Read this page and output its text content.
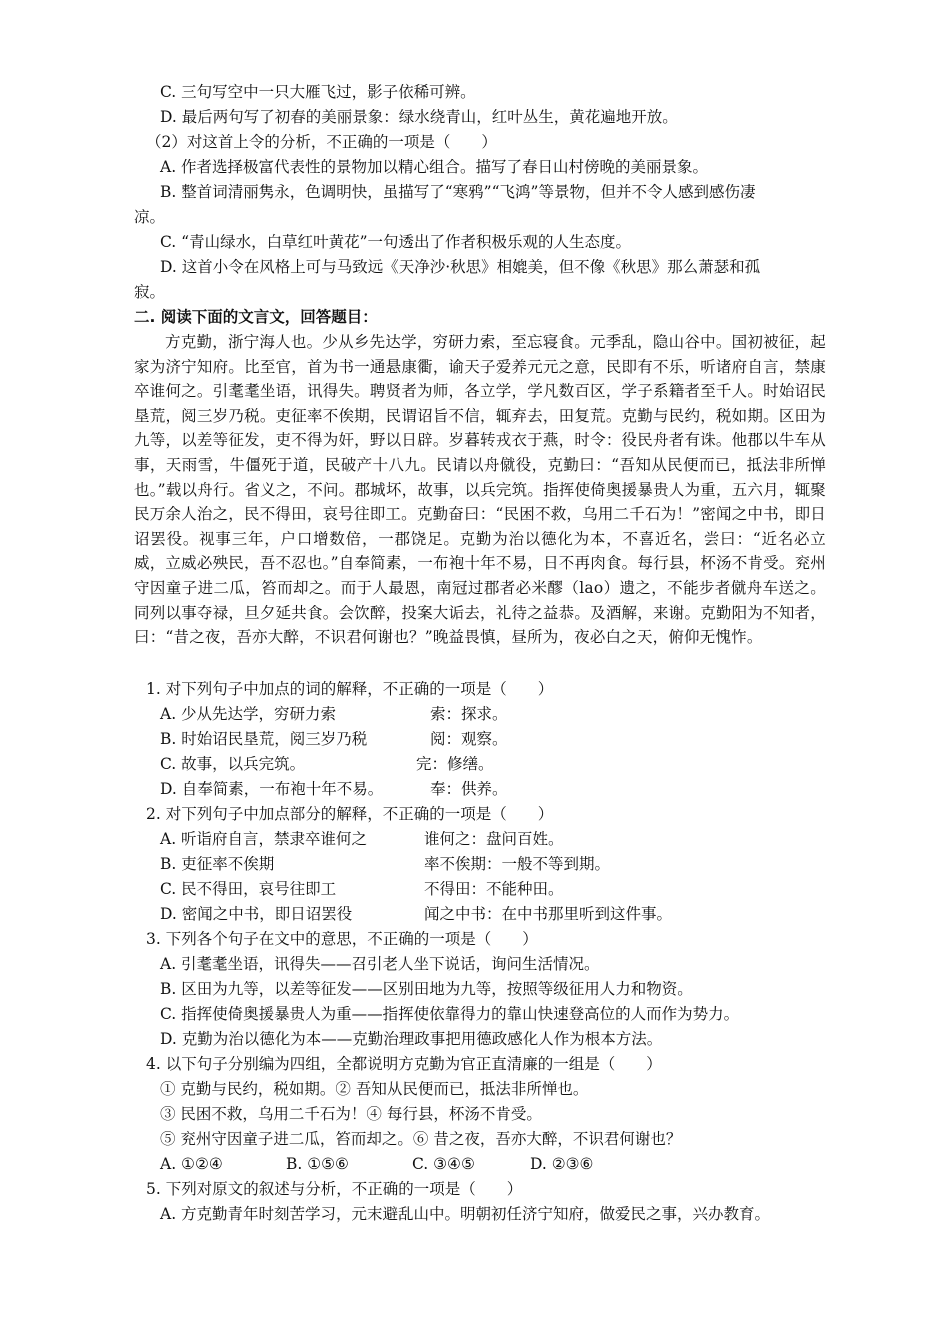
C. 三句写空中一只大雁飞过，影子依稀可辨。
D. 最后两句写了初春的美丽景象：绿水绕青山，红叶丛生，黄花遍地开放。
（2）对这首上令的分析，不正确的一项是（　　）
A. 作者选择极富代表性的景物加以精心组合。描写了春日山村傍晚的美丽景象。
B. 整首词清丽隽永，色调明快，虽描写了“寒鸦”“飞鸿”等景物，但并不令人感到感伤凄
凉。
C. “青山绿水，白草红叶黄花”一句透出了作者积极乐观的人生态度。
D. 这首小令在风格上可与马致远《天净沙·秋思》相媲美，但不像《秋思》那么萧瑟和孤
寂。
二. 阅读下面的文言文，回答题目：
方克勤，浙宁海人也。少从乡先达学，穷研力索，至忘寝食。元季乱，隐山谷中。国初被征，起家为济宁知府。比至官，首为书一通悬康衢，谕天子爱养元元之意，民即有不乐，听诸府自言，禁康卒谁何之。引耄耄坐语，讯得失。聘贤者为师，各立学，学凡数百区，学子系籍者至千人。时始诏民垦荒，阅三岁乃税。吏征率不俟期，民谓诏旨不信，辄弃去，田复荒。克勤与民约，税如期。区田为九等，以差等征发，吏不得为奸，野以日辟。岁暮转戎衣于燕，时令：役民舟者有诛。他郡以牛车从事，天雨雪，牛僵死于道，民破产十八九。民请以舟僦役，克勤曰：“吾知从民便而已，抵法非所惮也。”载以舟行。省义之，不问。郡城坏，故事，以兵完筑。指挥使倚奥援暴贵人为重，五六月，辄聚民万余人治之，民不得田，哀号往即工。克勤奋曰：“民困不救，乌用二千石为！”密闻之中书，即日诏罢役。视事三年，户口增数倍，一郡饶足。克勤为治以德化为本，不喜近名，尝曰：“近名必立威，立威必殃民，吾不忍也。”自奉简素，一布袍十年不易，日不再肉食。每行县，杯汤不肯受。兖州守因童子进二瓜，笞而却之。而于人最恩，南冠过郡者必米醪（lao）遗之，不能步者僦舟车送之。同列以事夺禄，旦夕延共食。会饮醉，投案大诟去，礼待之益恭。及酒解，来谢。克勤阳为不知者，曰：“昔之夜，吾亦大醉，不识君何谢也？”晚益畏慎，昼所为，夜必白之天，俯仰无愧怍。
1. 对下列句子中加点的词的解释，不正确的一项是（　　）
A. 少从先达学，穷研力索	索：探求。
B. 时始诏民垦荒，阅三岁乃税	阅：观察。
C. 故事，以兵完筑。	完：修缮。
D. 自奉简素，一布袍十年不易。	奉：供养。
2. 对下列句子中加点部分的解释，不正确的一项是（　　）
A. 听诣府自言，禁隶卒谁何之	谁何之：盘问百姓。
B. 吏征率不俟期	率不俟期：一般不等到期。
C. 民不得田，哀号往即工	不得田：不能种田。
D. 密闻之中书，即日诏罢役	闻之中书：在中书那里听到这件事。
3. 下列各个句子在文中的意思，不正确的一项是（　　）
A. 引耄耄坐语，讯得失——召引老人坐下说话，询问生活情况。
B. 区田为九等，以差等征发——区别田地为九等，按照等级征用人力和物资。
C. 指挥使倚奥援暴贵人为重——指挥使依靠得力的靠山快速登高位的人而作为势力。
D. 克勤为治以德化为本——克勤治理政事把用德政感化人作为根本方法。
4. 以下句子分别编为四组，全都说明方克勤为官正直清廉的一组是（　　）
① 克勤与民约，税如期。② 吾知从民便而已，抵法非所惮也。
③ 民困不救，乌用二千石为！④ 每行县，杯汤不肯受。
⑤ 兖州守因童子进二瓜，笞而却之。⑥ 昔之夜，吾亦大醉，不识君何谢也？
A. ①②④	B. ①⑤⑥	C. ③④⑤	D. ②③⑥
5. 下列对原文的叙述与分析，不正确的一项是（　　）
A. 方克勤青年时刻苦学习，元末避乱山中。明朝初任济宁知府，做爱民之事，兴办教育。
